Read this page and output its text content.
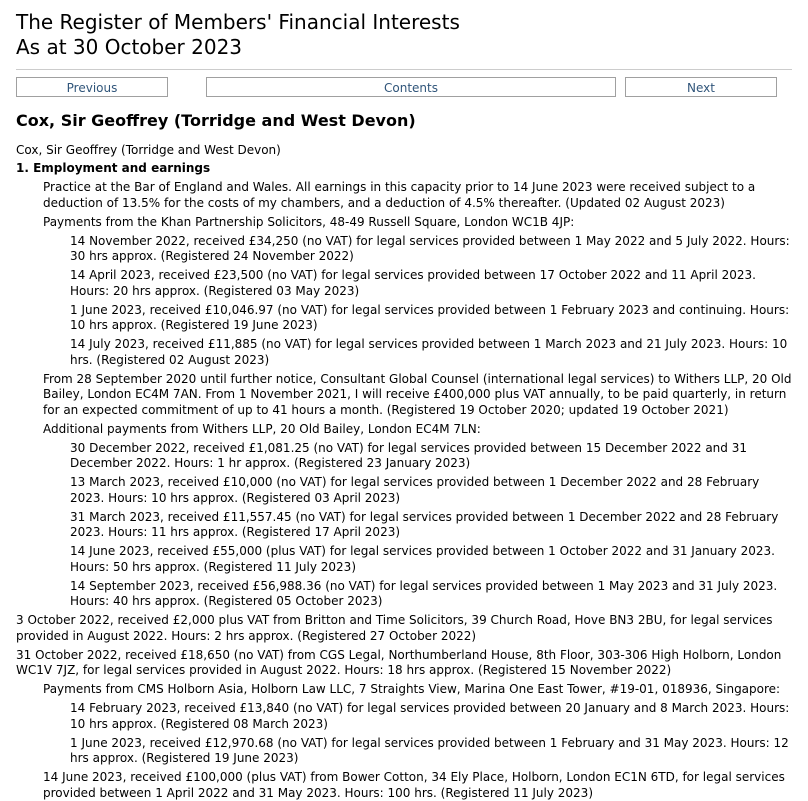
The Register of Members' Financial Interests
As at 30 October 2023
Previous	Contents	Next
Cox, Sir Geoffrey (Torridge and West Devon)

Cox, Sir Geoffrey (Torridge and West Devon)

1. Employment and earnings

Practice at the Bar of England and Wales. All earnings in this capacity prior to 14 June 2023 were received subject to a deduction of 13.5% for the costs of my chambers, and a deduction of 4.5% thereafter. (Updated 02 August 2023)

Payments from the Khan Partnership Solicitors, 48-49 Russell Square, London WC1B 4JP:

14 November 2022, received £34,250 (no VAT) for legal services provided between 1 May 2022 and 5 July 2022. Hours: 30 hrs approx. (Registered 24 November 2022)

14 April 2023, received £23,500 (no VAT) for legal services provided between 17 October 2022 and 11 April 2023. Hours: 20 hrs approx. (Registered 03 May 2023)

1 June 2023, received £10,046.97 (no VAT) for legal services provided between 1 February 2023 and continuing. Hours: 10 hrs approx. (Registered 19 June 2023)

14 July 2023, received £11,885 (no VAT) for legal services provided between 1 March 2023 and 21 July 2023. Hours: 10 hrs. (Registered 02 August 2023)

From 28 September 2020 until further notice, Consultant Global Counsel (international legal services) to Withers LLP, 20 Old Bailey, London EC4M 7AN. From 1 November 2021, I will receive £400,000 plus VAT annually, to be paid quarterly, in return for an expected commitment of up to 41 hours a month. (Registered 19 October 2020; updated 19 October 2021)

Additional payments from Withers LLP, 20 Old Bailey, London EC4M 7LN:

30 December 2022, received £1,081.25 (no VAT) for legal services provided between 15 December 2022 and 31 December 2022. Hours: 1 hr approx. (Registered 23 January 2023)

13 March 2023, received £10,000 (no VAT) for legal services provided between 1 December 2022 and 28 February 2023. Hours: 10 hrs approx. (Registered 03 April 2023)

31 March 2023, received £11,557.45 (no VAT) for legal services provided between 1 December 2022 and 28 February 2023. Hours: 11 hrs approx. (Registered 17 April 2023)

14 June 2023, received £55,000 (plus VAT) for legal services provided between 1 October 2022 and 31 January 2023. Hours: 50 hrs approx. (Registered 11 July 2023)

14 September 2023, received £56,988.36 (no VAT) for legal services provided between 1 May 2023 and 31 July 2023. Hours: 40 hrs approx. (Registered 05 October 2023)

3 October 2022, received £2,000 plus VAT from Britton and Time Solicitors, 39 Church Road, Hove BN3 2BU, for legal services provided in August 2022. Hours: 2 hrs approx. (Registered 27 October 2022)

31 October 2022, received £18,650 (no VAT) from CGS Legal, Northumberland House, 8th Floor, 303-306 High Holborn, London WC1V 7JZ, for legal services provided in August 2022. Hours: 18 hrs approx. (Registered 15 November 2022)

Payments from CMS Holborn Asia, Holborn Law LLC, 7 Straights View, Marina One East Tower, #19-01, 018936, Singapore:

14 February 2023, received £13,840 (no VAT) for legal services provided between 20 January and 8 March 2023. Hours: 10 hrs approx. (Registered 08 March 2023)

1 June 2023, received £12,970.68 (no VAT) for legal services provided between 1 February and 31 May 2023. Hours: 12 hrs approx. (Registered 19 June 2023)

14 June 2023, received £100,000 (plus VAT) from Bower Cotton, 34 Ely Place, Holborn, London EC1N 6TD, for legal services provided between 1 April 2022 and 31 May 2023. Hours: 100 hrs. (Registered 11 July 2023)
